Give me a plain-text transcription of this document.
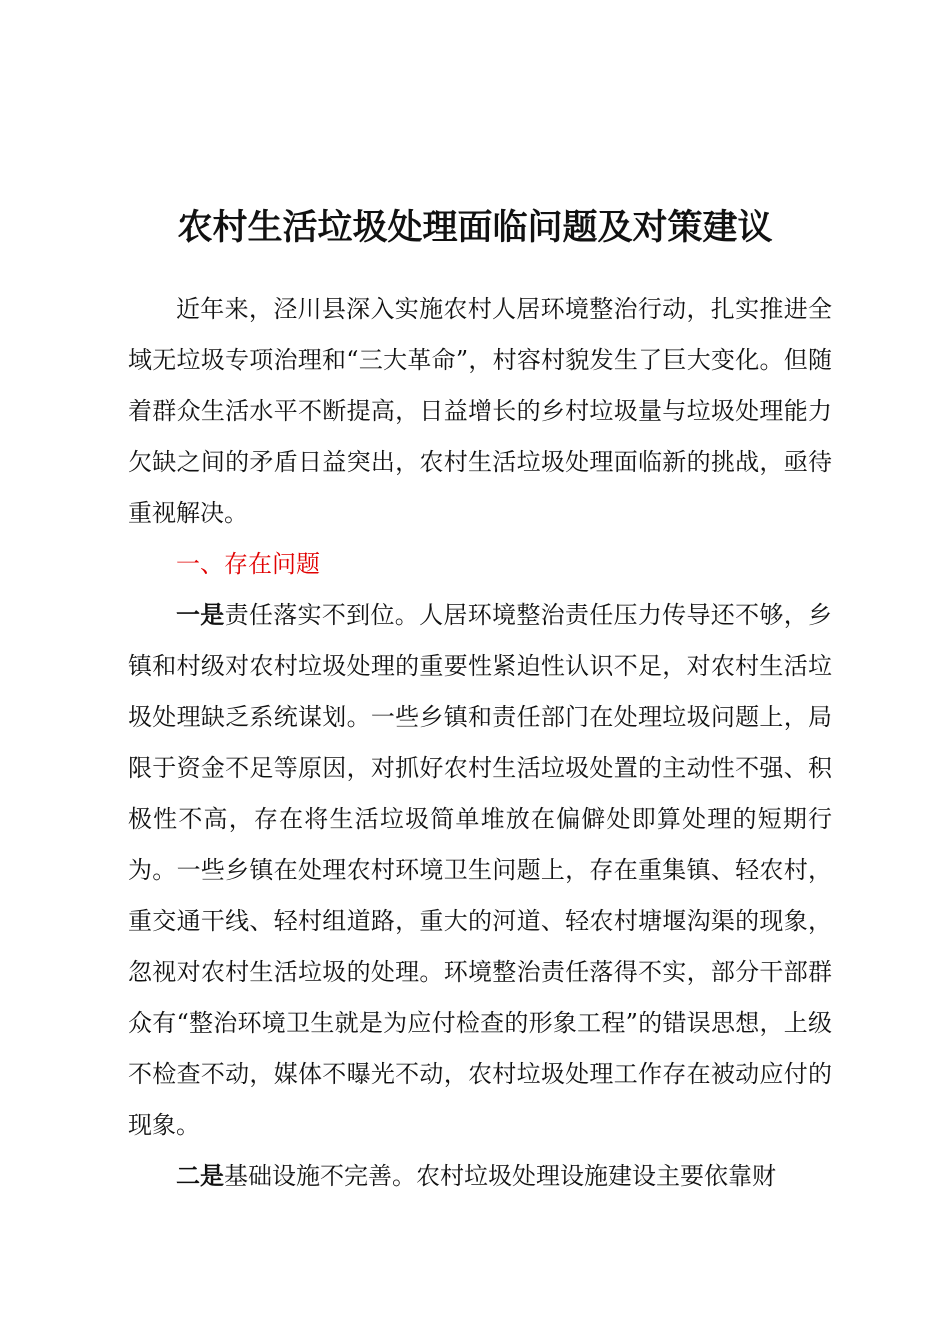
农村生活垃圾处理面临问题及对策建议

近年来，泾川县深入实施农村人居环境整治行动，扎实推进全域无垃圾专项治理和“三大革命”，村容村貌发生了巨大变化。但随着群众生活水平不断提高，日益增长的乡村垃圾量与垃圾处理能力欠缺之间的矛盾日益突出，农村生活垃圾处理面临新的挑战，亟待重视解决。

一、存在问题

一是责任落实不到位。人居环境整治责任压力传导还不够，乡镇和村级对农村垃圾处理的重要性紧迫性认识不足，对农村生活垃圾处理缺乏系统谋划。一些乡镇和责任部门在处理垃圾问题上，局限于资金不足等原因，对抓好农村生活垃圾处置的主动性不强、积极性不高，存在将生活垃圾简单堆放在偏僻处即算处理的短期行为。一些乡镇在处理农村环境卫生问题上，存在重集镇、轻农村，重交通干线、轻村组道路，重大的河道、轻农村塘堰沟渠的现象，忽视对农村生活垃圾的处理。环境整治责任落得不实，部分干部群众有“整治环境卫生就是为应付检查的形象工程”的错误思想，上级不检查不动，媒体不曝光不动，农村垃圾处理工作存在被动应付的现象。

二是基础设施不完善。农村垃圾处理设施建设主要依靠财
